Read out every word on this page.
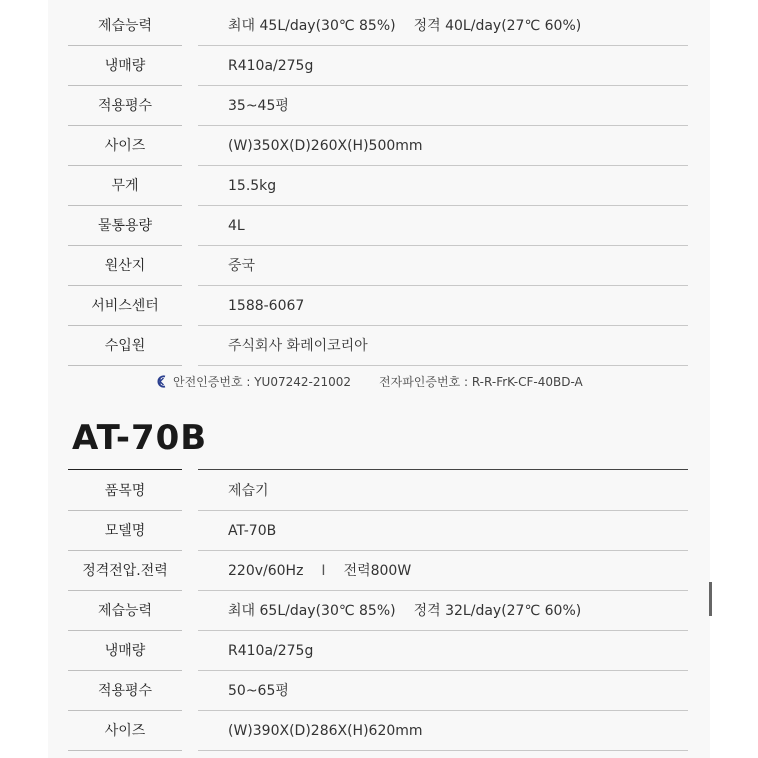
제습능력	최대 45L/day(30℃ 85%) 정격 40L/day(27℃ 60%)
냉매량	R410a/275g
적용평수	35~45평
사이즈	(W)350X(D)260X(H)500mm
무게	15.5kg
물통용량	4L
원산지	중국
서비스센터	1588-6067
수입원	주식회사 화레이코리아
안전인증번호 : YU07242-21002 전자파인증번호 : R-R-FrK-CF-40BD-A
AT-70B
품목명	제습기
모델명	AT-70B
정격전압.전력	220v/60Hz I 전력800W
제습능력	최대 65L/day(30℃ 85%) 정격 32L/day(27℃ 60%)
냉매량	R410a/275g
적용평수	50~65평
사이즈	(W)390X(D)286X(H)620mm
